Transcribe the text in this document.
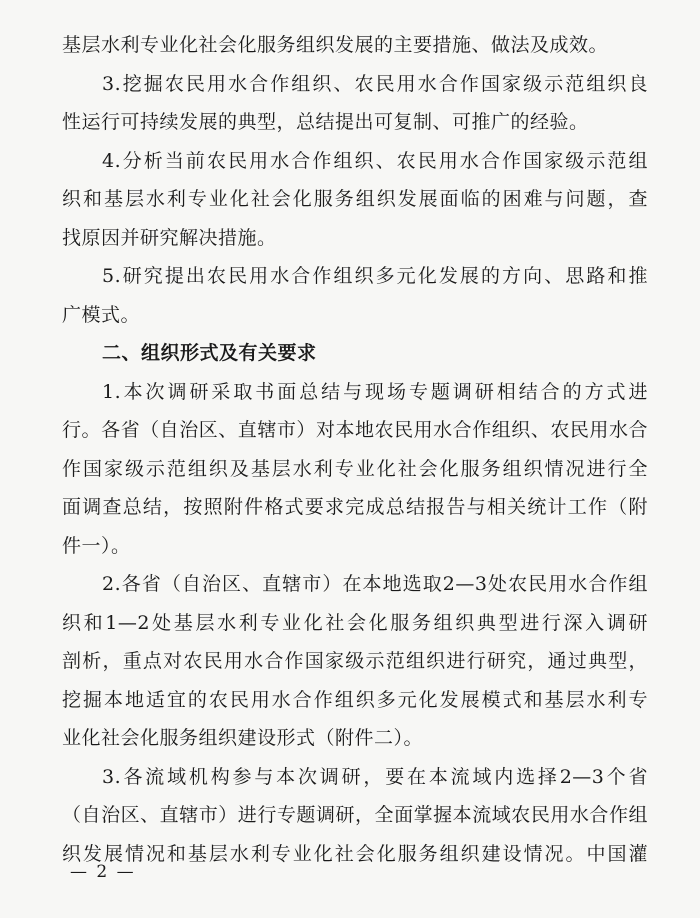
基层水利专业化社会化服务组织发展的主要措施、做法及成效。
3.挖掘农民用水合作组织、农民用水合作国家级示范组织良
性运行可持续发展的典型，总结提出可复制、可推广的经验。
4.分析当前农民用水合作组织、农民用水合作国家级示范组
织和基层水利专业化社会化服务组织发展面临的困难与问题，查
找原因并研究解决措施。
5.研究提出农民用水合作组织多元化发展的方向、思路和推
广模式。
二、组织形式及有关要求
1.本次调研采取书面总结与现场专题调研相结合的方式进
行。各省（自治区、直辖市）对本地农民用水合作组织、农民用水合
作国家级示范组织及基层水利专业化社会化服务组织情况进行全
面调查总结，按照附件格式要求完成总结报告与相关统计工作（附
件一）。
2.各省（自治区、直辖市）在本地选取2—3处农民用水合作组
织和1—2处基层水利专业化社会化服务组织典型进行深入调研
剖析，重点对农民用水合作国家级示范组织进行研究，通过典型，
挖掘本地适宜的农民用水合作组织多元化发展模式和基层水利专
业化社会化服务组织建设形式（附件二）。
3.各流域机构参与本次调研，要在本流域内选择2—3个省
（自治区、直辖市）进行专题调研，全面掌握本流域农民用水合作组
织发展情况和基层水利专业化社会化服务组织建设情况。中国灌
— 2 —
